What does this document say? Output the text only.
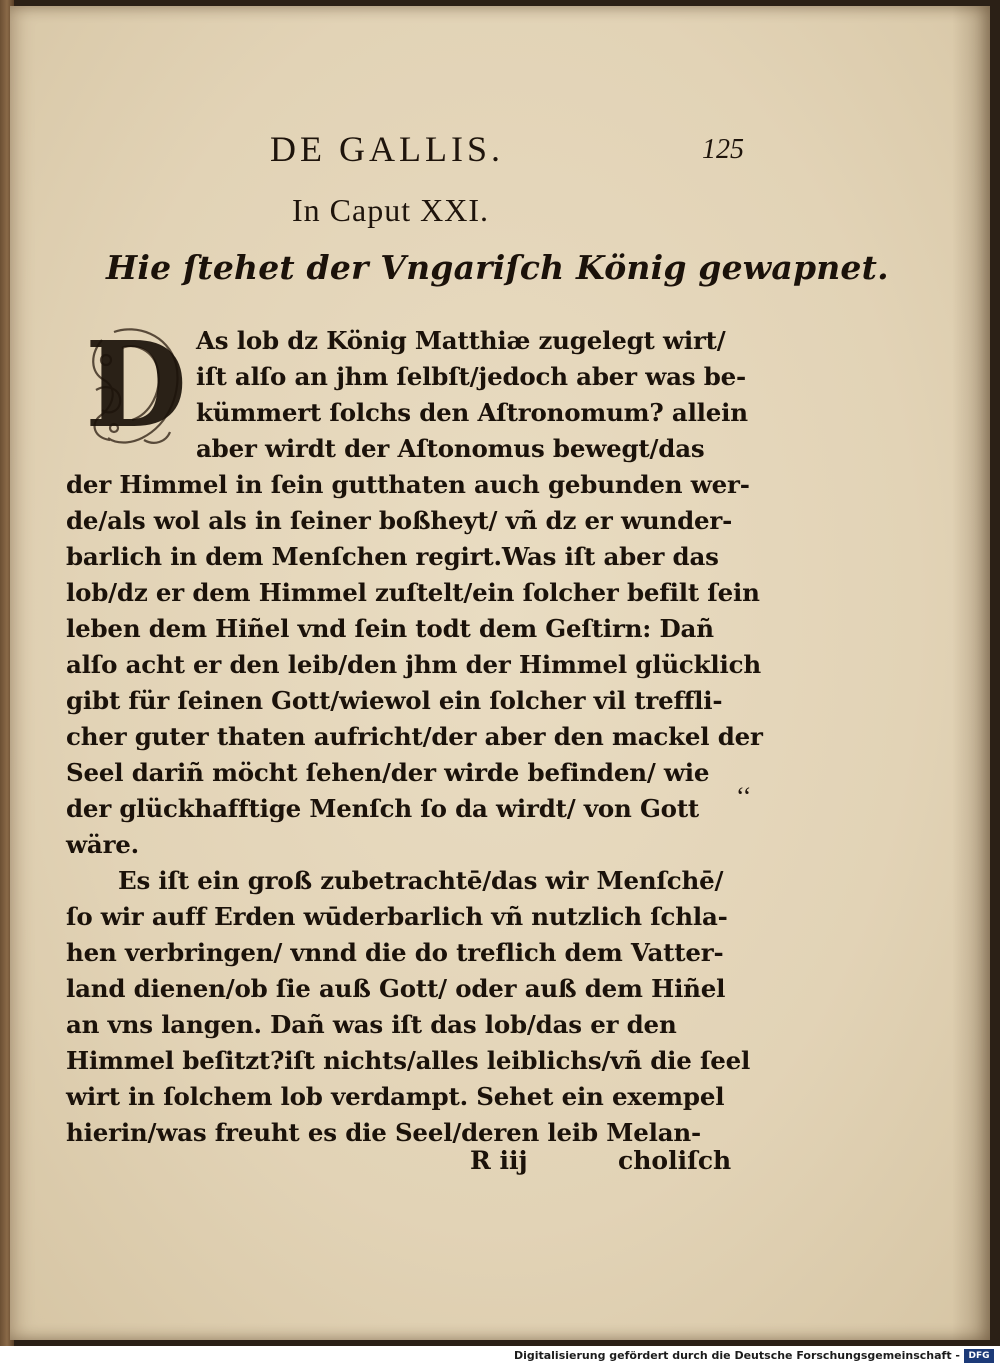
DE GALLIS.	125
In Caput XXI.
Hie ſtehet der Vngariſch König gewapnet.
D As lob dz König Matthiæ zugelegt wirt/
iſt alſo an jhm ſelbſt/jedoch aber was be-
kümmert ſolchs den Aſtronomum? allein
aber wirdt der Aſtonomus bewegt/das
der Himmel in ſein gutthaten auch gebunden wer-
de/als wol als in ſeiner boßheyt/ vñ dz er wunder-
barlich in dem Menſchen regirt.Was iſt aber das
lob/dz er dem Himmel zuſtelt/ein ſolcher befilt ſein
leben dem Hiñel vnd ſein todt dem Geſtirn: Dañ
alſo acht er den leib/den jhm der Himmel glücklich
gibt für ſeinen Gott/wiewol ein ſolcher vil treffli-
cher guter thaten aufricht/der aber den mackel der
Seel dariñ möcht ſehen/der wirde befinden/ wie
der glückhafftige Menſch ſo da wirdt/ von Gott
wäre.
Es iſt ein groß zubetrachtē/das wir Menſchē/
ſo wir auff Erden wūderbarlich vñ nutzlich ſchla-
hen verbringen/ vnnd die do treflich dem Vatter-
land dienen/ob ſie auß Gott/ oder auß dem Hiñel
an vns langen. Dañ was iſt das lob/das er den
Himmel beſitzt?iſt nichts/alles leiblichs/vñ die ſeel
wirt in ſolchem lob verdampt. Sehet ein exempel
hierin/was freuht es die Seel/deren leib Melan-
‘‘
R iij	choliſch
Digitalisierung gefördert durch die Deutsche Forschungsgemeinschaft - DFG
